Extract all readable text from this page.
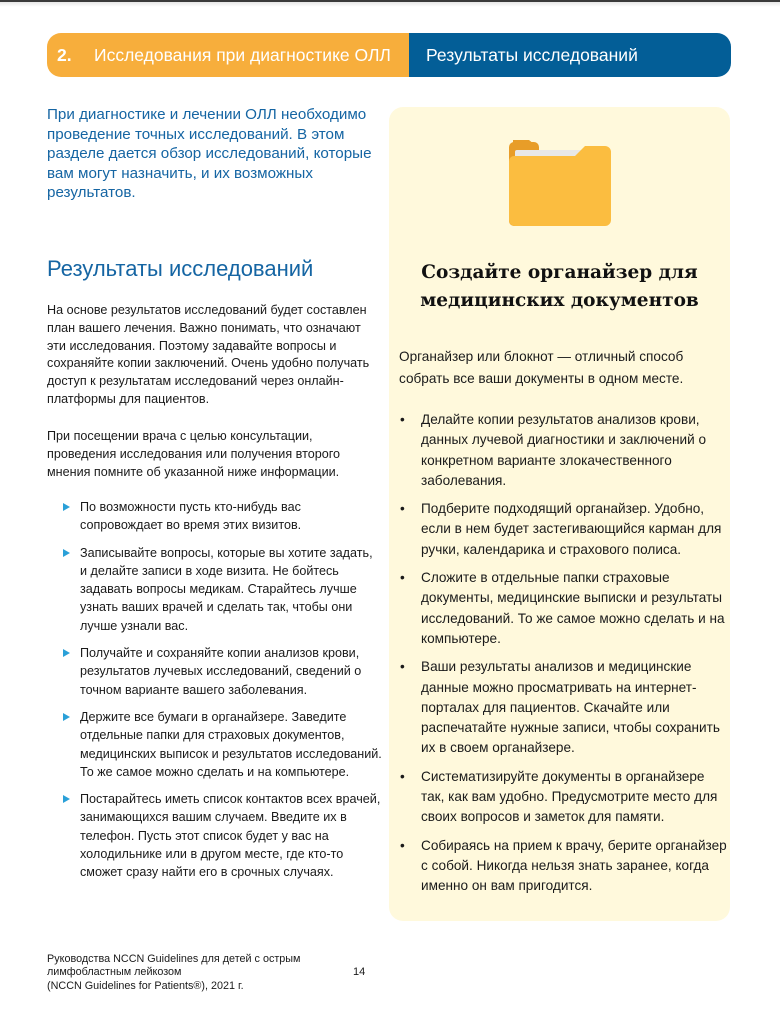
2.	Исследования при диагностике ОЛЛ Результаты исследований
При диагностике и лечении ОЛЛ необходимо проведение точных исследований. В этом разделе дается обзор исследований, которые вам могут назначить, и их возможных результатов.
Результаты исследований
На основе результатов исследований будет составлен план вашего лечения. Важно понимать, что означают эти исследования. Поэтому задавайте вопросы и сохраняйте копии заключений. Очень удобно получать доступ к результатам исследований через онлайн-платформы для пациентов.
При посещении врача с целью консультации, проведения исследования или получения второго мнения помните об указанной ниже информации.
По возможности пусть кто-нибудь вас сопровождает во время этих визитов.
Записывайте вопросы, которые вы хотите задать, и делайте записи в ходе визита. Не бойтесь задавать вопросы медикам. Старайтесь лучше узнать ваших врачей и сделать так, чтобы они лучше узнали вас.
Получайте и сохраняйте копии анализов крови, результатов лучевых исследований, сведений о точном варианте вашего заболевания.
Держите все бумаги в органайзере. Заведите отдельные папки для страховых документов, медицинских выписок и результатов исследований. То же самое можно сделать и на компьютере.
Постарайтесь иметь список контактов всех врачей, занимающихся вашим случаем. Введите их в телефон. Пусть этот список будет у вас на холодильнике или в другом месте, где кто-то сможет сразу найти его в срочных случаях.
Создайте органайзер для
медицинских документов
Органайзер или блокнот — отличный способ собрать все ваши документы в одном месте.
• Делайте копии результатов анализов крови, данных лучевой диагностики и заключений о конкретном варианте злокачественного заболевания.
• Подберите подходящий органайзер. Удобно, если в нем будет застегивающийся карман для ручки, календарика и страхового полиса.
• Сложите в отдельные папки страховые документы, медицинские выписки и результаты исследований. То же самое можно сделать и на компьютере.
• Ваши результаты анализов и медицинские данные можно просматривать на интернет-порталах для пациентов. Скачайте или распечатайте нужные записи, чтобы сохранить их в своем органайзере.
• Систематизируйте документы в органайзере так, как вам удобно. Предусмотрите место для своих вопросов и заметок для памяти.
• Собираясь на прием к врачу, берите органайзер с собой. Никогда нельзя знать заранее, когда именно он вам пригодится.
Руководства NCCN Guidelines для детей с острым
лимфобластным лейкозом
(NCCN Guidelines for Patients®), 2021 г.
14
